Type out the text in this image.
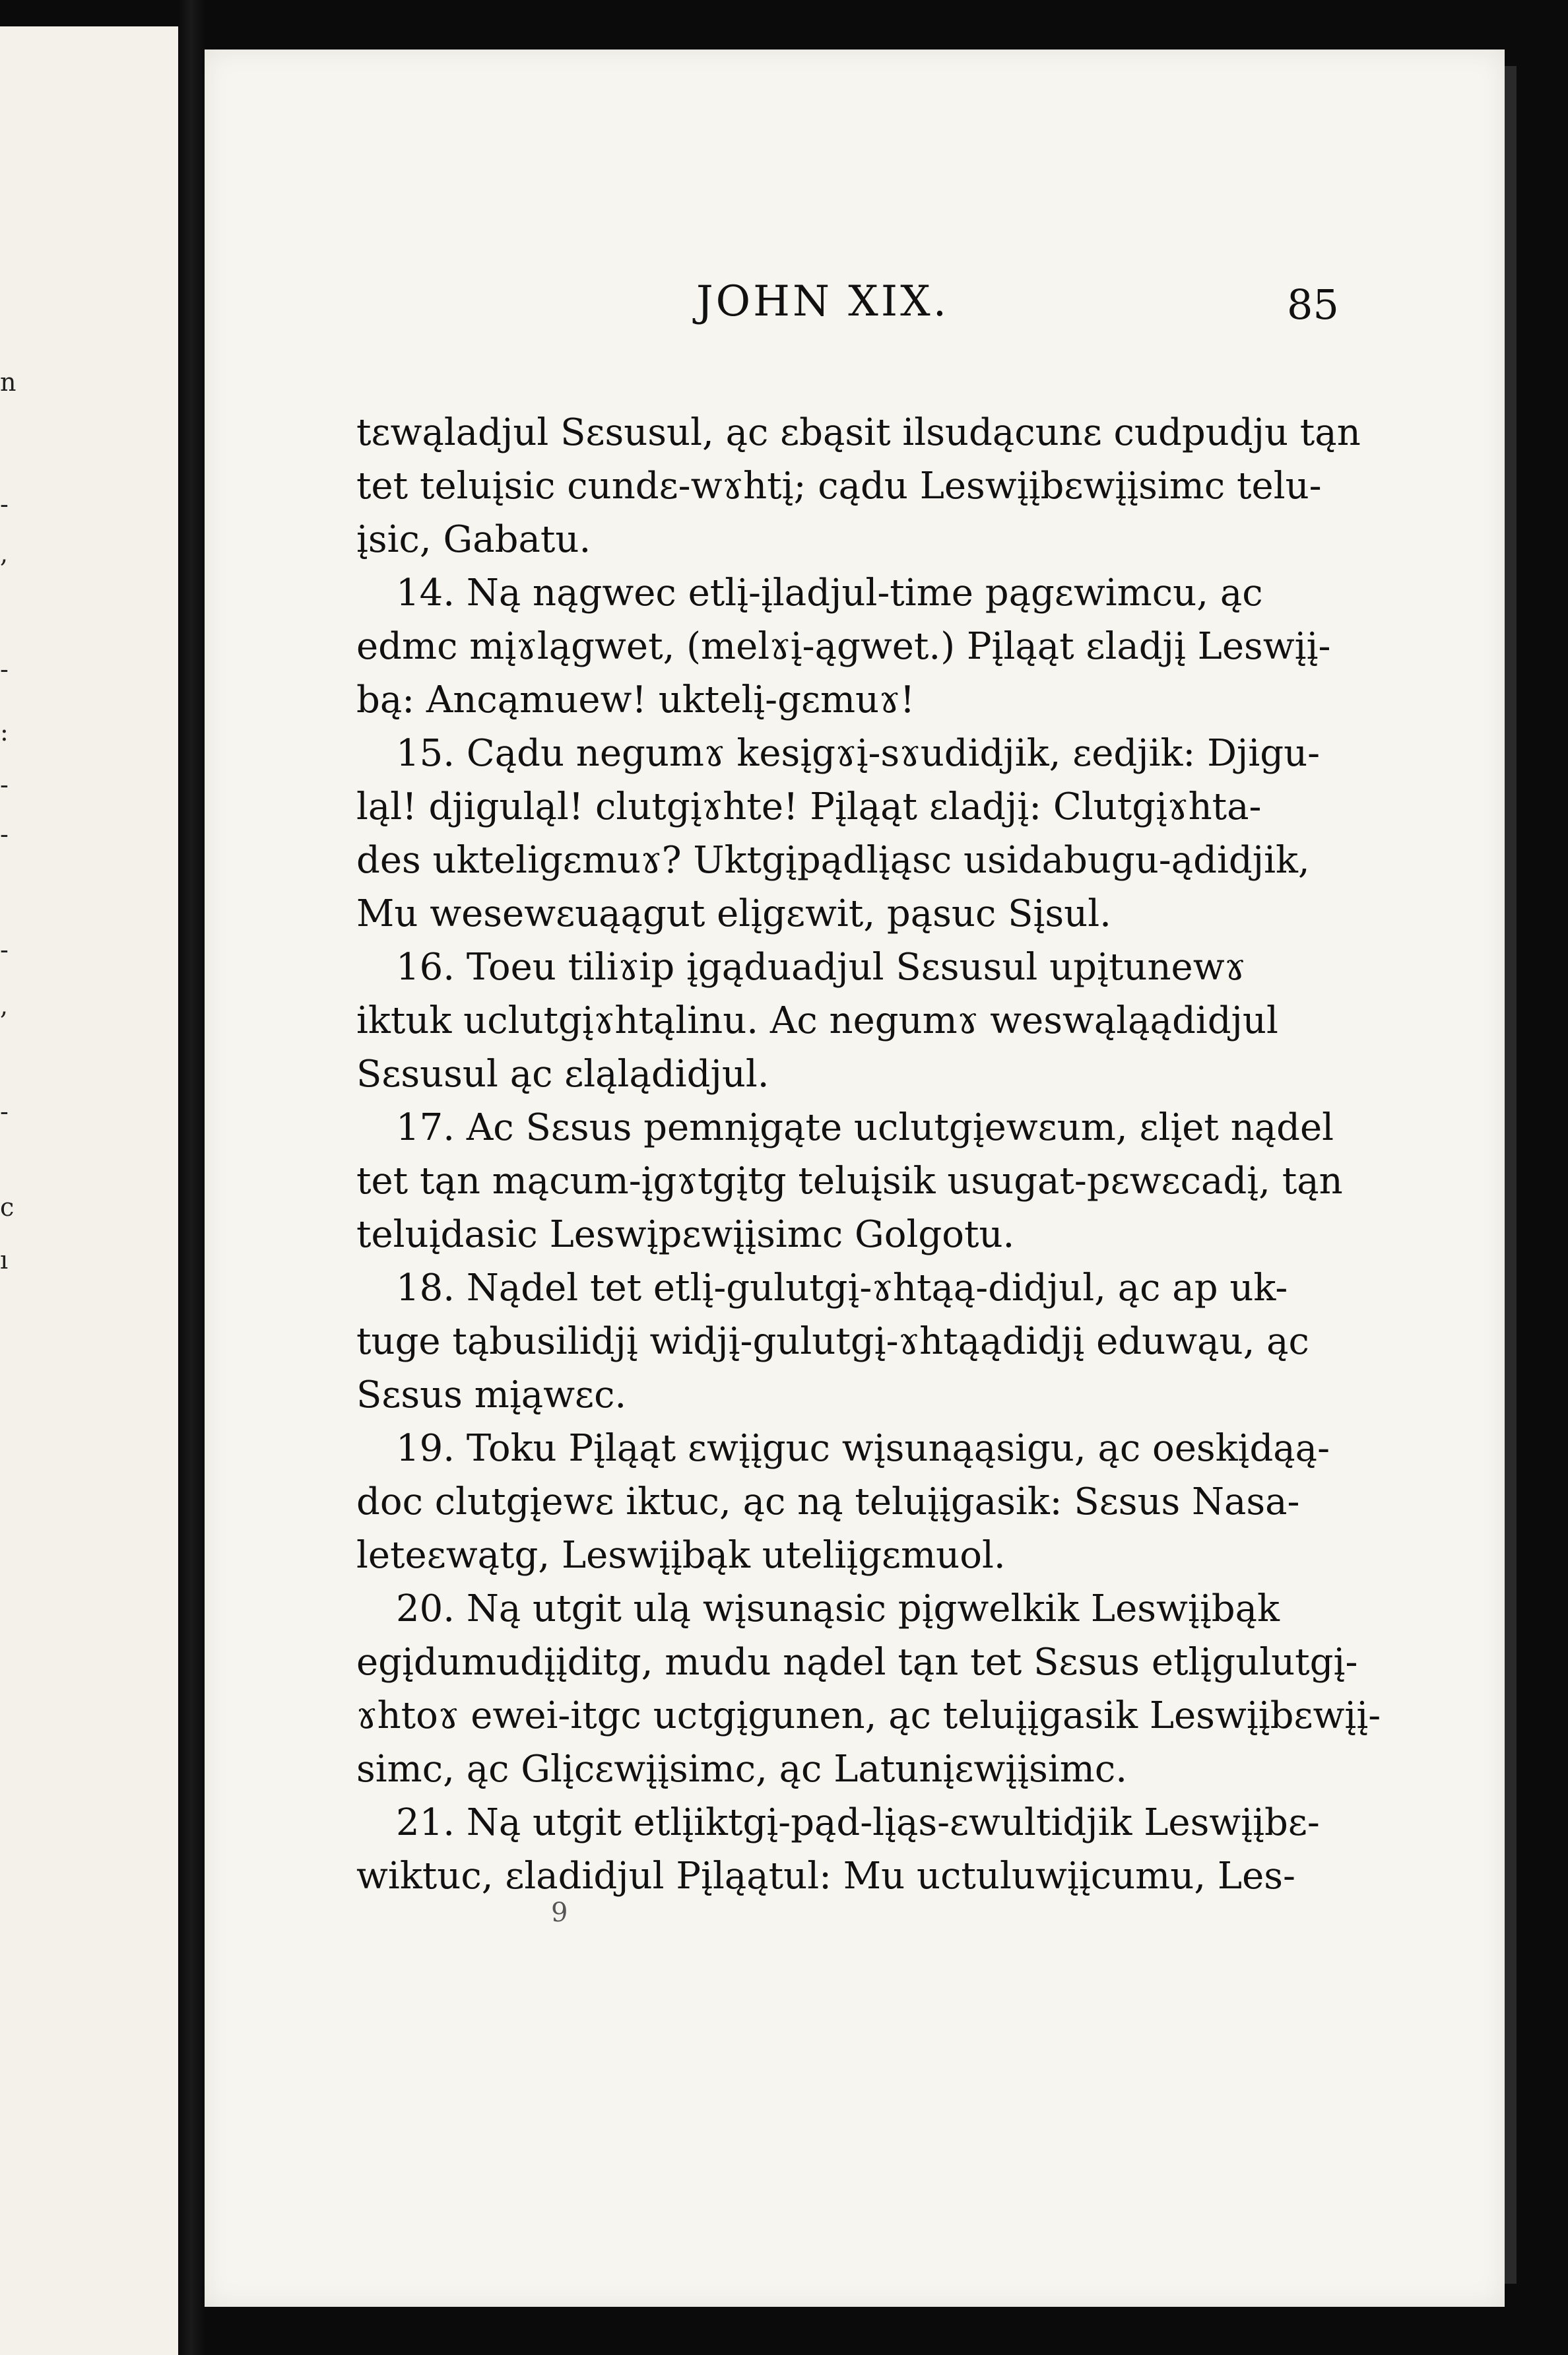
n
-
,
-
:
-
-
-
,
-
c
ı
JOHN XIX.	85
tɛwąladjul Sɛsusul, ąc ɛbąsit ilsudącunɛ cudpudju tąn
tet teluįsic cundɛ-wɤhtį; cądu Leswįįbɛwįįsimc telu-
įsic, Gabatu.
14. Ną nągwec etlį-įladjul-time pągɛwimcu, ąc
edmc mįɤlągwet, (melɤį-ągwet.) Pįląąt ɛladjį Leswįį-
bą: Ancąmuew! uktelį-gɛmuɤ!
15. Cądu negumɤ kesįgɤį-sɤudidjik, ɛedjik: Djigu-
ląl! djiguląl! clutgįɤhte! Pįląąt ɛladjį: Clutgįɤhta-
des ukteligɛmuɤ? Uktgįpądlįąsc usidabugu-ądidjik,
Mu wesewɛuąągut elįgɛwit, pąsuc Sįsul.
16. Toeu tiliɤip įgąduadjul Sɛsusul upįtunewɤ
iktuk uclutgįɤhtąlinu. Ac negumɤ weswąląądidjul
Sɛsusul ąc ɛląlądidjul.
17. Ac Sɛsus pemnįgąte uclutgįewɛum, ɛlįet nądel
tet tąn mącum-įgɤtgįtg teluįsik usugat-pɛwɛcadį, tąn
teluįdasic Leswįpɛwįįsimc Golgotu.
18. Nądel tet etlį-gulutgį-ɤhtąą-didjul, ąc ap uk-
tuge tąbusilidjį widjį-gulutgį-ɤhtąądidjį eduwąu, ąc
Sɛsus mįąwɛc.
19. Toku Pįląąt ɛwįįguc wįsunąąsigu, ąc oeskįdąą-
doc clutgįewɛ iktuc, ąc ną teluįįgasik: Sɛsus Nasa-
leteɛwątg, Leswįįbąk uteliįgɛmuol.
20. Ną utgit ulą wįsunąsic pįgwelkik Leswįįbąk
egįdumudįįditg, mudu nądel tąn tet Sɛsus etlįgulutgį-
ɤhtoɤ ewei-itgc uctgįgunen, ąc teluįįgasik Leswįįbɛwįį-
simc, ąc Glįcɛwįįsimc, ąc Latunįɛwįįsimc.
21. Ną utgit etlįiktgį-pąd-lįąs-ɛwultidjik Leswįįbɛ-
wiktuc, ɛladidjul Pįląątul: Mu uctuluwįįcumu, Les-
9
